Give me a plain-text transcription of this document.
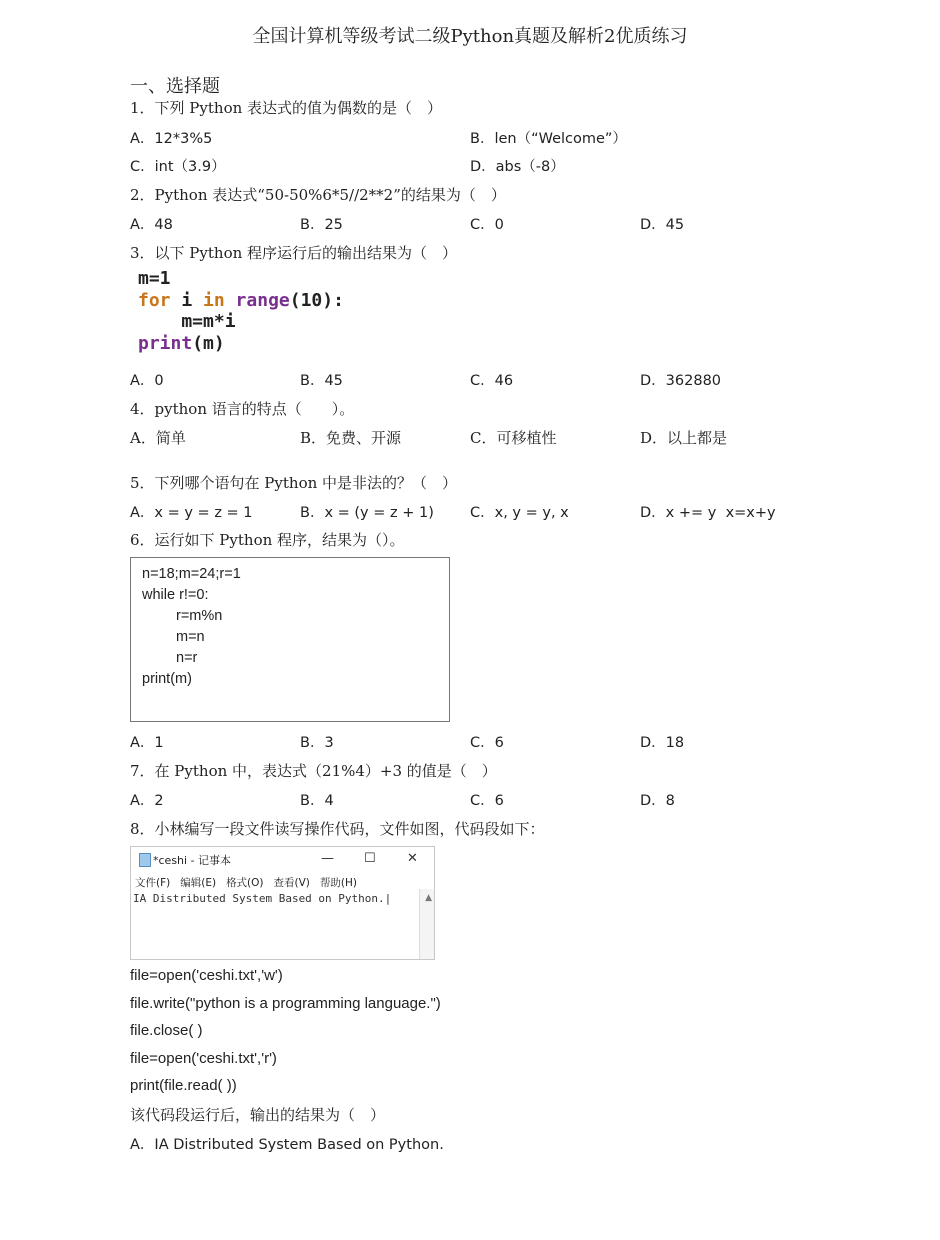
全国计算机等级考试二级Python真题及解析2优质练习
一、选择题
1．下列 Python 表达式的值为偶数的是（　）
A．12*3%5	B．len（“Welcome”）
C．int（3.9）	D．abs（-8）
2．Python 表达式“50-50%6*5//2**2”的结果为（　）
A．48	B．25	C．0	D．45
3．以下 Python 程序运行后的输出结果为（　）
m=1
for i in range(10):
m=m*i
print(m)
A．0	B．45	C．46	D．362880
4．python 语言的特点（　　）。
A．简单	B．免费、开源	C．可移植性	D．以上都是
5．下列哪个语句在 Python 中是非法的？（　）
A．x = y = z = 1	B．x = (y = z + 1) C．x, y = y, x	D．x += y  x=x+y
6．运行如下 Python 程序，结果为（）。
n=18;m=24;r=1
while r!=0:
r=m%n
m=n
n=r
print(m)
A．1	B．3	C．6	D．18
7．在 Python 中，表达式（21%4）+3 的值是（　）
A．2	B．4	C．6	D．8
8．小林编写一段文件读写操作代码，文件如图，代码段如下：
*ceshi - 记事本	— ☐ ✕
文件(F) 编辑(E) 格式(O) 查看(V) 帮助(H)
IA Distributed System Based on Python.|	▲
file=open('ceshi.txt','w')
file.write("python is a programming language.")
file.close( )
file=open('ceshi.txt','r')
print(file.read( ))
该代码段运行后，输出的结果为（　）
A．IA Distributed System Based on Python.
